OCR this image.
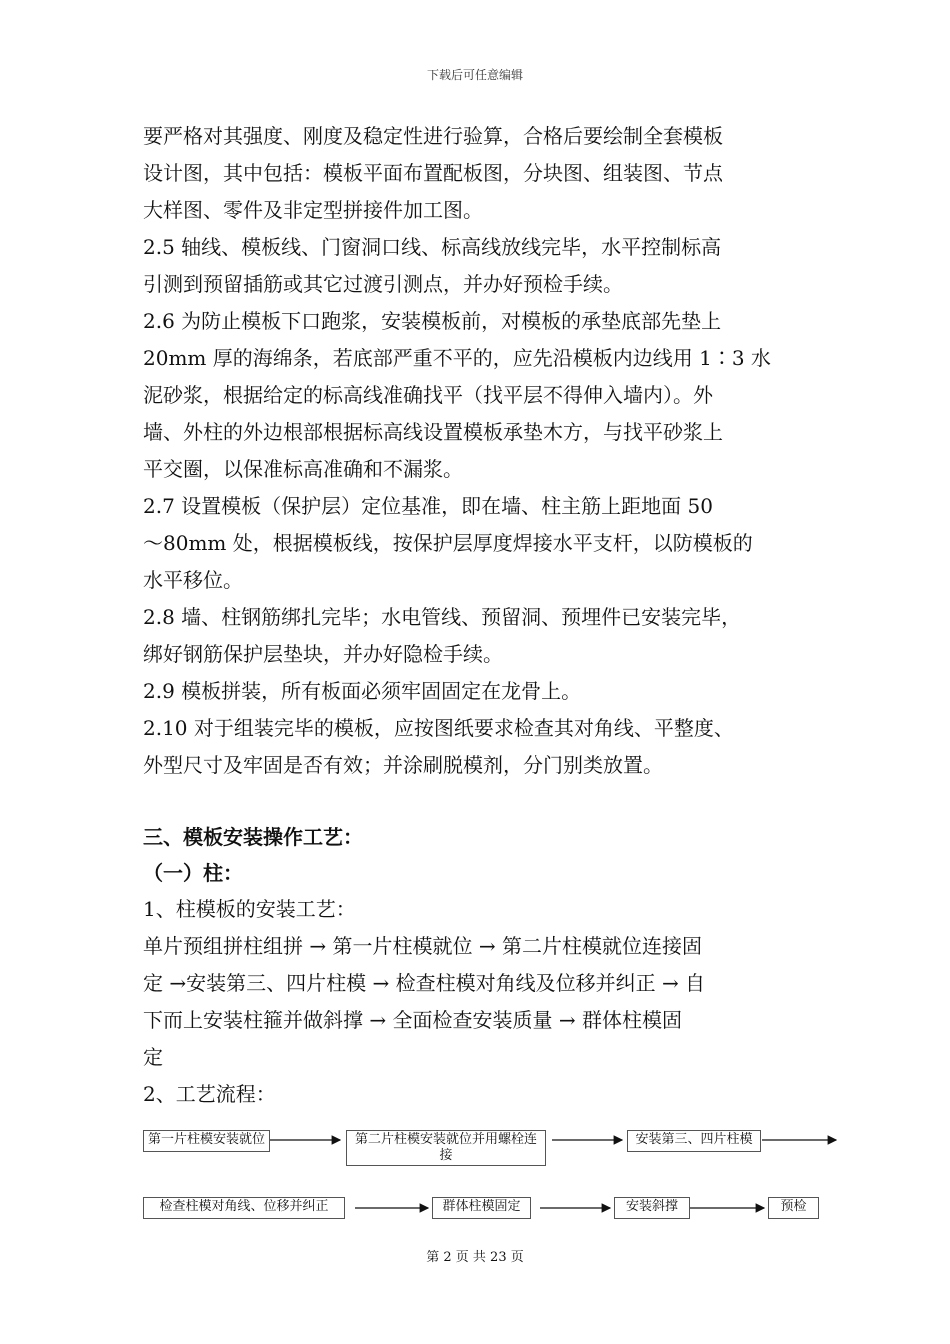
下载后可任意编辑
要严格对其强度、刚度及稳定性进行验算，合格后要绘制全套模板
设计图，其中包括：模板平面布置配板图，分块图、组装图、节点
大样图、零件及非定型拼接件加工图。
2.5 轴线、模板线、门窗洞口线、标高线放线完毕，水平控制标高
引测到预留插筋或其它过渡引测点，并办好预检手续。
2.6 为防止模板下口跑浆，安装模板前，对模板的承垫底部先垫上
20mm 厚的海绵条，若底部严重不平的，应先沿模板内边线用 1∶3 水
泥砂浆，根据给定的标高线准确找平（找平层不得伸入墙内）。外
墙、外柱的外边根部根据标高线设置模板承垫木方，与找平砂浆上
平交圈，以保准标高准确和不漏浆。
2.7 设置模板（保护层）定位基准，即在墙、柱主筋上距地面 50
～80mm 处，根据模板线，按保护层厚度焊接水平支杆，以防模板的
水平移位。
2.8 墙、柱钢筋绑扎完毕；水电管线、预留洞、预埋件已安装完毕，
绑好钢筋保护层垫块，并办好隐检手续。
2.9 模板拼装，所有板面必须牢固固定在龙骨上。
2.10 对于组装完毕的模板，应按图纸要求检查其对角线、平整度、
外型尺寸及牢固是否有效；并涂刷脱模剂，分门别类放置。
三、模板安装操作工艺：
（一）柱：
1、柱模板的安装工艺：
单片预组拼柱组拼 → 第一片柱模就位 → 第二片柱模就位连接固
定 →安装第三、四片柱模 → 检查柱模对角线及位移并纠正 → 自
下而上安装柱箍并做斜撑 → 全面检查安装质量 → 群体柱模固
定
2、工艺流程：
第一片柱模安装就位	第二片柱模安装就位并用螺栓连接
安装第三、四片柱模
检查柱模对角线、位移并纠正	群体柱模固定	安装斜撑	预检
第 2 页 共 23 页
